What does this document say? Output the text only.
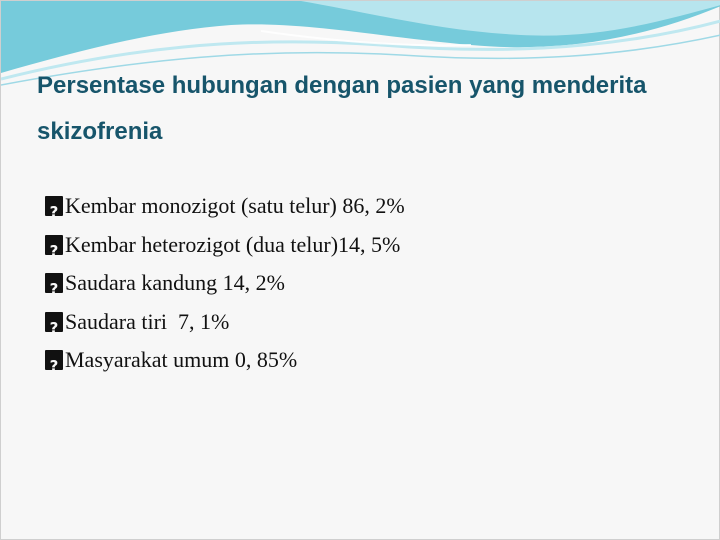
Persentase hubungan dengan pasien yang menderita skizofrenia
?
Kembar monozigot (satu telur) 86, 2%
?
Kembar heterozigot (dua telur)14, 5%
?
Saudara kandung 14, 2%
?
Saudara tiri  7, 1%
?
Masyarakat umum 0, 85%
